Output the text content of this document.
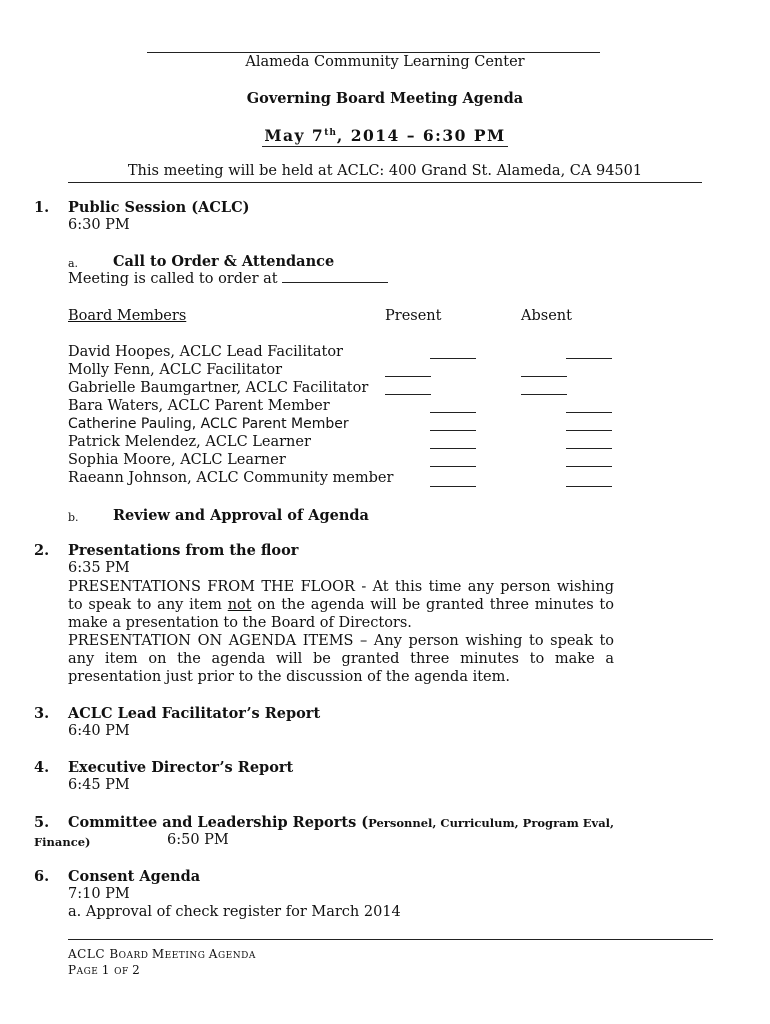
Alameda Community Learning Center
Governing Board Meeting Agenda
May 7th, 2014 – 6:30 PM
This meeting will be held at ACLC: 400 Grand St. Alameda, CA 94501
1. Public Session (ACLC)
6:30 PM
a. Call to Order & Attendance
Meeting is called to order at
Board Members	Present	Absent
David Hoopes, ACLC Lead Facilitator
Molly Fenn, ACLC Facilitator
Gabrielle Baumgartner, ACLC Facilitator
Bara Waters, ACLC Parent Member
Catherine Pauling, ACLC Parent Member
Patrick Melendez, ACLC Learner
Sophia Moore, ACLC Learner
Raeann Johnson, ACLC Community member
b. Review and Approval of Agenda
2. Presentations from the floor
6:35 PM
PRESENTATIONS FROM THE FLOOR - At this time any person wishing to speak to any item not on the agenda will be granted three minutes to make a presentation to the Board of Directors.
PRESENTATION ON AGENDA ITEMS – Any person wishing to speak to any item on the agenda will be granted three minutes to make a presentation just prior to the discussion of the agenda item.
3. ACLC Lead Facilitator’s Report
6:40 PM
4. Executive Director’s Report
6:45 PM
5. Committee and Leadership Reports (Personnel, Curriculum, Program Eval,
Finance)	6:50 PM
6. Consent Agenda
7:10 PM
a. Approval of check register for March 2014
ACLC BOARD MEETING AGENDA
PAGE 1 OF 2
